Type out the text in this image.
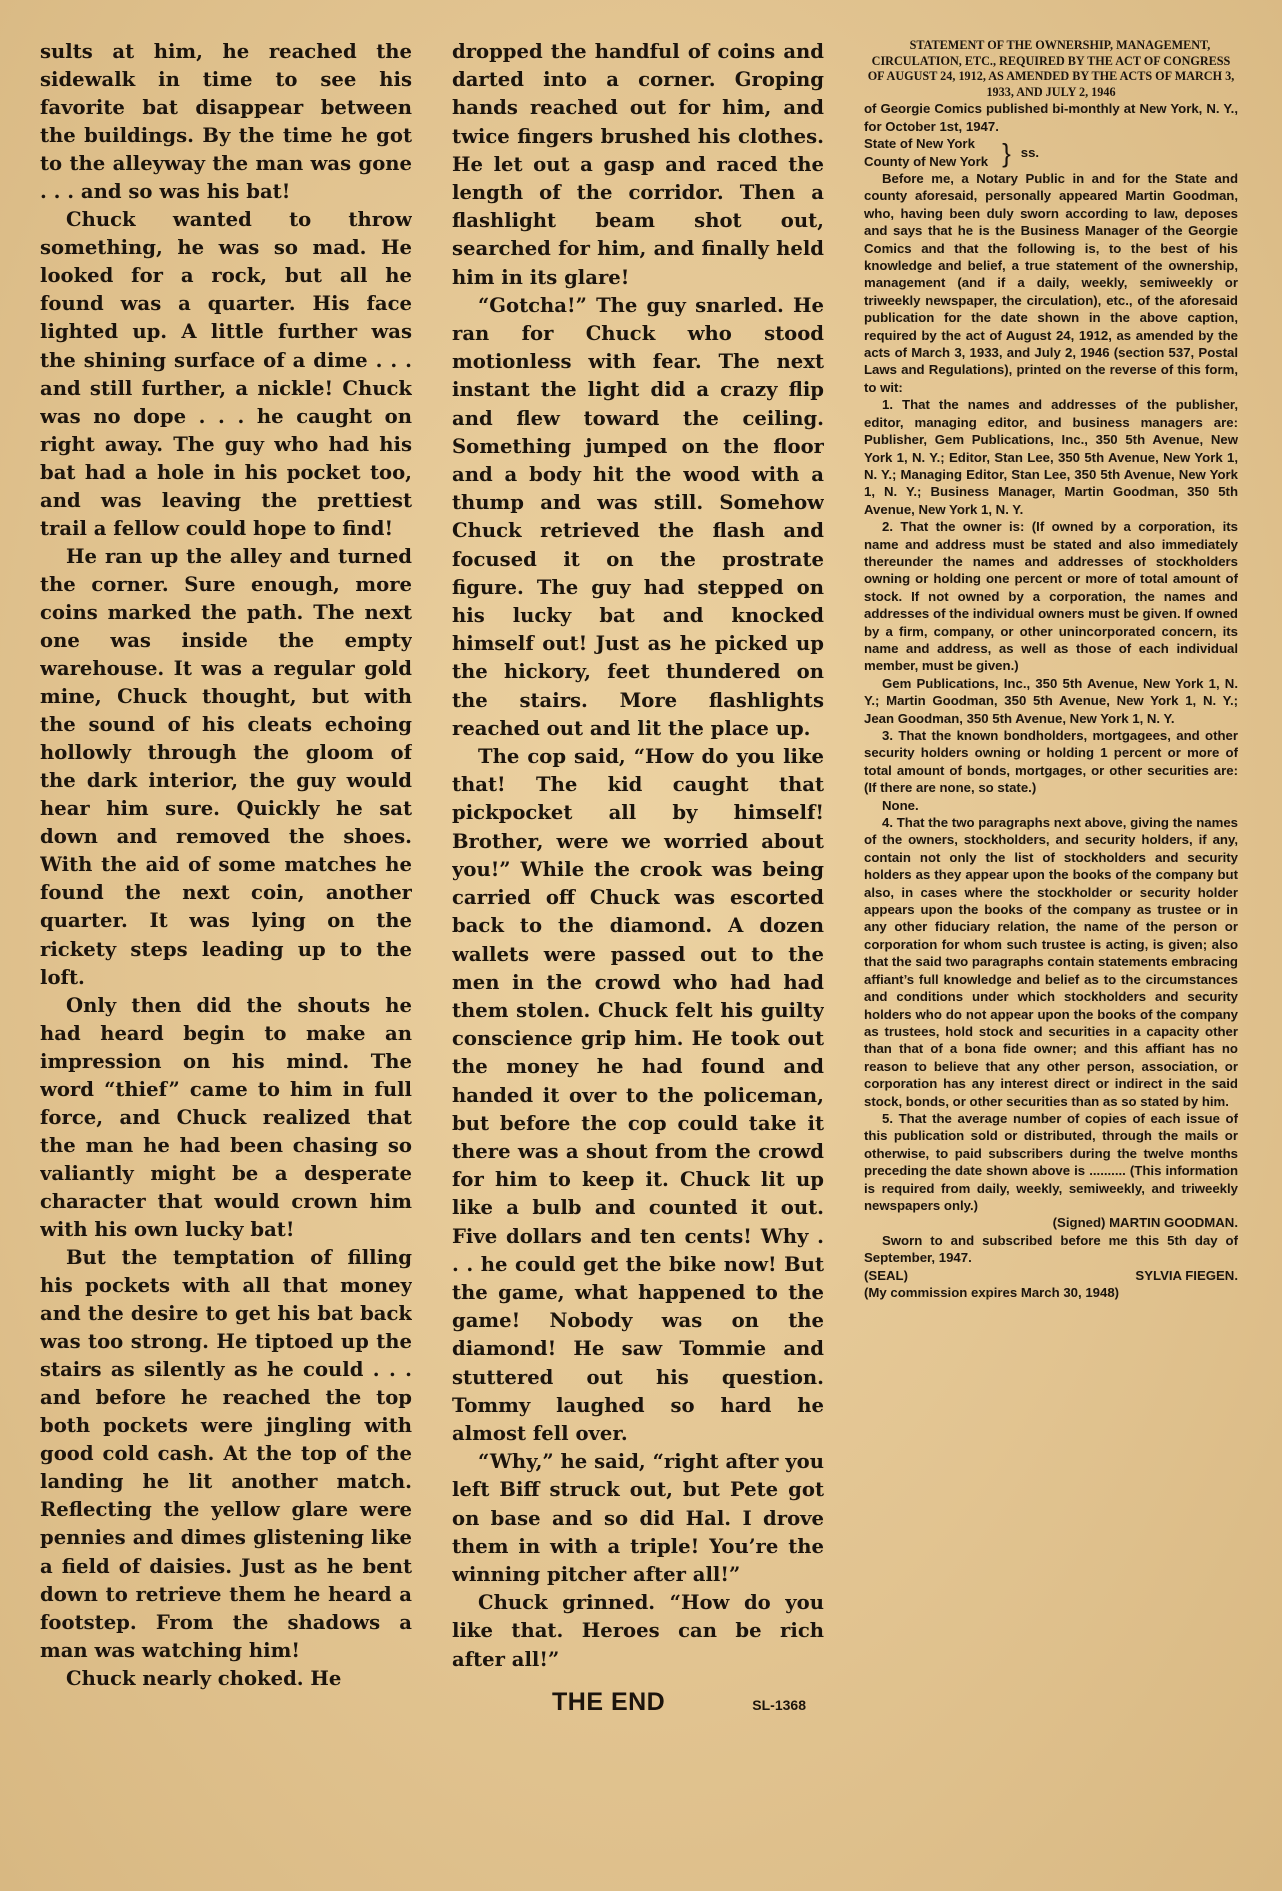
sults at him, he reached the sidewalk in time to see his favorite bat disappear between the buildings. By the time he got to the alleyway the man was gone . . . and so was his bat!

Chuck wanted to throw something, he was so mad. He looked for a rock, but all he found was a quarter. His face lighted up. A little further was the shining surface of a dime . . . and still further, a nickle! Chuck was no dope . . . he caught on right away. The guy who had his bat had a hole in his pocket too, and was leaving the prettiest trail a fellow could hope to find!

He ran up the alley and turned the corner. Sure enough, more coins marked the path. The next one was inside the empty warehouse. It was a regular gold mine, Chuck thought, but with the sound of his cleats echoing hollowly through the gloom of the dark interior, the guy would hear him sure. Quickly he sat down and removed the shoes. With the aid of some matches he found the next coin, another quarter. It was lying on the rickety steps leading up to the loft.

Only then did the shouts he had heard begin to make an impression on his mind. The word “thief” came to him in full force, and Chuck realized that the man he had been chasing so valiantly might be a desperate character that would crown him with his own lucky bat!

But the temptation of filling his pockets with all that money and the desire to get his bat back was too strong. He tiptoed up the stairs as silently as he could . . . and before he reached the top both pockets were jingling with good cold cash. At the top of the landing he lit another match. Reflecting the yellow glare were pennies and dimes glistening like a field of daisies. Just as he bent down to retrieve them he heard a footstep. From the shadows a man was watching him!

Chuck nearly choked. He

dropped the handful of coins and darted into a corner. Groping hands reached out for him, and twice fingers brushed his clothes. He let out a gasp and raced the length of the corridor. Then a flashlight beam shot out, searched for him, and finally held him in its glare!

“Gotcha!” The guy snarled. He ran for Chuck who stood motionless with fear. The next instant the light did a crazy flip and flew toward the ceiling. Something jumped on the floor and a body hit the wood with a thump and was still. Somehow Chuck retrieved the flash and focused it on the prostrate figure. The guy had stepped on his lucky bat and knocked himself out! Just as he picked up the hickory, feet thundered on the stairs. More flashlights reached out and lit the place up.

The cop said, “How do you like that! The kid caught that pickpocket all by himself! Brother, were we worried about you!” While the crook was being carried off Chuck was escorted back to the diamond. A dozen wallets were passed out to the men in the crowd who had had them stolen. Chuck felt his guilty conscience grip him. He took out the money he had found and handed it over to the policeman, but before the cop could take it there was a shout from the crowd for him to keep it. Chuck lit up like a bulb and counted it out. Five dollars and ten cents! Why . . . he could get the bike now! But the game, what happened to the game! Nobody was on the diamond! He saw Tommie and stuttered out his question. Tommy laughed so hard he almost fell over.

“Why,” he said, “right after you left Biff struck out, but Pete got on base and so did Hal. I drove them in with a triple! You’re the winning pitcher after all!”

Chuck grinned. “How do you like that. Heroes can be rich after all!”

THE END	SL-1368

STATEMENT OF THE OWNERSHIP, MANAGEMENT, CIRCULATION, ETC., REQUIRED BY THE ACT OF CONGRESS OF AUGUST 24, 1912, AS AMENDED BY THE ACTS OF MARCH 3, 1933, AND JULY 2, 1946

of Georgie Comics published bi-monthly at New York, N. Y., for October 1st, 1947.

State of New York
County of New York } ss.

Before me, a Notary Public in and for the State and county aforesaid, personally appeared Martin Goodman, who, having been duly sworn according to law, deposes and says that he is the Business Manager of the Georgie Comics and that the following is, to the best of his knowledge and belief, a true statement of the ownership, management (and if a daily, weekly, semiweekly or triweekly newspaper, the circulation), etc., of the aforesaid publication for the date shown in the above caption, required by the act of August 24, 1912, as amended by the acts of March 3, 1933, and July 2, 1946 (section 537, Postal Laws and Regulations), printed on the reverse of this form, to wit:

1. That the names and addresses of the publisher, editor, managing editor, and business managers are: Publisher, Gem Publications, Inc., 350 5th Avenue, New York 1, N. Y.; Editor, Stan Lee, 350 5th Avenue, New York 1, N. Y.; Managing Editor, Stan Lee, 350 5th Avenue, New York 1, N. Y.; Business Manager, Martin Goodman, 350 5th Avenue, New York 1, N. Y.

2. That the owner is: (If owned by a corporation, its name and address must be stated and also immediately thereunder the names and addresses of stockholders owning or holding one percent or more of total amount of stock. If not owned by a corporation, the names and addresses of the individual owners must be given. If owned by a firm, company, or other unincorporated concern, its name and address, as well as those of each individual member, must be given.)

Gem Publications, Inc., 350 5th Avenue, New York 1, N. Y.; Martin Goodman, 350 5th Avenue, New York 1, N. Y.; Jean Goodman, 350 5th Avenue, New York 1, N. Y.

3. That the known bondholders, mortgagees, and other security holders owning or holding 1 percent or more of total amount of bonds, mortgages, or other securities are: (If there are none, so state.)

None.

4. That the two paragraphs next above, giving the names of the owners, stockholders, and security holders, if any, contain not only the list of stockholders and security holders as they appear upon the books of the company but also, in cases where the stockholder or security holder appears upon the books of the company as trustee or in any other fiduciary relation, the name of the person or corporation for whom such trustee is acting, is given; also that the said two paragraphs contain statements embracing affiant’s full knowledge and belief as to the circumstances and conditions under which stockholders and security holders who do not appear upon the books of the company as trustees, hold stock and securities in a capacity other than that of a bona fide owner; and this affiant has no reason to believe that any other person, association, or corporation has any interest direct or indirect in the said stock, bonds, or other securities than as so stated by him.

5. That the average number of copies of each issue of this publication sold or distributed, through the mails or otherwise, to paid subscribers during the twelve months preceding the date shown above is .......... (This information is required from daily, weekly, semiweekly, and triweekly newspapers only.)

(Signed) MARTIN GOODMAN.

Sworn to and subscribed before me this 5th day of September, 1947.

(SEAL)	SYLVIA FIEGEN.

(My commission expires March 30, 1948)
